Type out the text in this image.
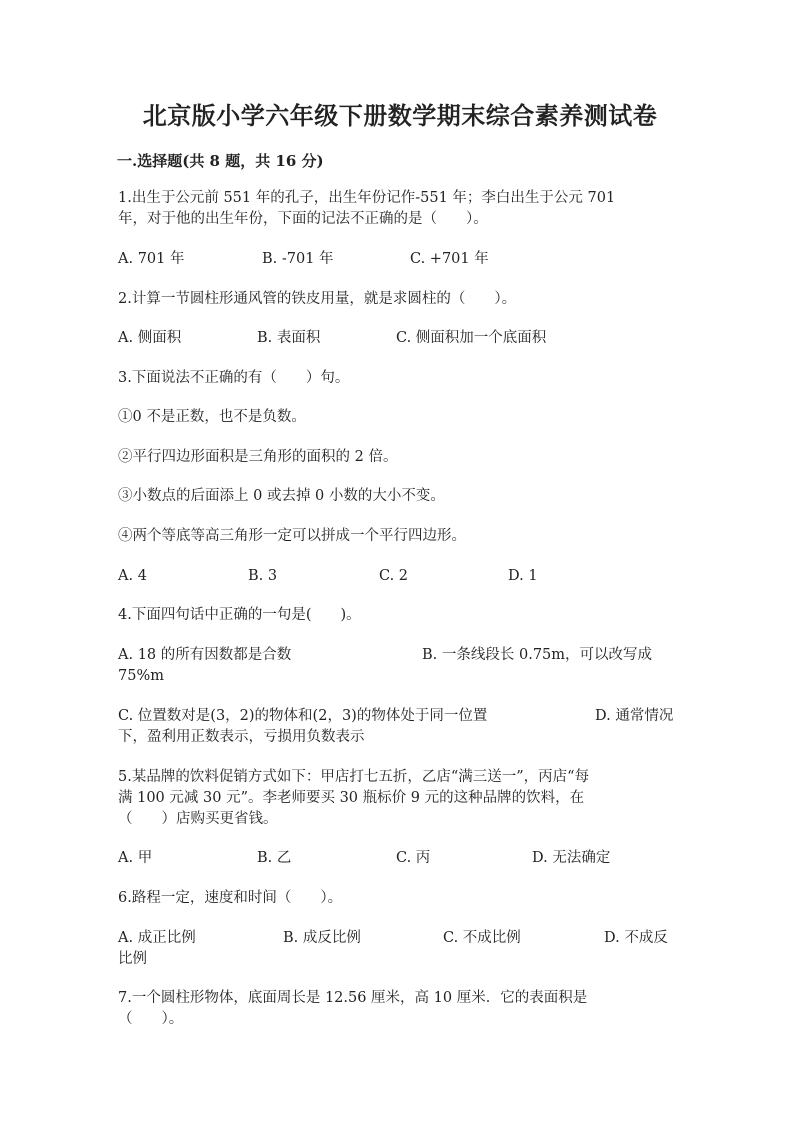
北京版小学六年级下册数学期末综合素养测试卷
一.选择题(共 8 题，共 16 分)
1.出生于公元前 551 年的孔子，出生年份记作-551 年；李白出生于公元 701
年，对于他的出生年份，下面的记法不正确的是（　　）。
A. 701 年	B. -701 年	C. +701 年
2.计算一节圆柱形通风管的铁皮用量，就是求圆柱的（　　）。
A. 侧面积	B. 表面积	C. 侧面积加一个底面积
3.下面说法不正确的有（　　）句。
①0 不是正数，也不是负数。
②平行四边形面积是三角形的面积的 2 倍。
③小数点的后面添上 0 或去掉 0 小数的大小不变。
④两个等底等高三角形一定可以拼成一个平行四边形。
A. 4	B. 3	C. 2	D. 1
4.下面四句话中正确的一句是(　　)。
A. 18 的所有因数都是合数	B. 一条线段长 0.75m，可以改写成
75%m
C. 位置数对是(3，2)的物体和(2，3)的物体处于同一位置	D. 通常情况
下，盈利用正数表示，亏损用负数表示
5.某品牌的饮料促销方式如下：甲店打七五折，乙店“满三送一”，丙店“每
满 100 元减 30 元”。李老师要买 30 瓶标价 9 元的这种品牌的饮料，在
（　　）店购买更省钱。
A. 甲	B. 乙	C. 丙	D. 无法确定
6.路程一定，速度和时间（　　）。
A. 成正比例	B. 成反比例	C. 不成比例	D. 不成反
比例
7.一个圆柱形物体，底面周长是 12.56 厘米，高 10 厘米．它的表面积是
（　　）。
